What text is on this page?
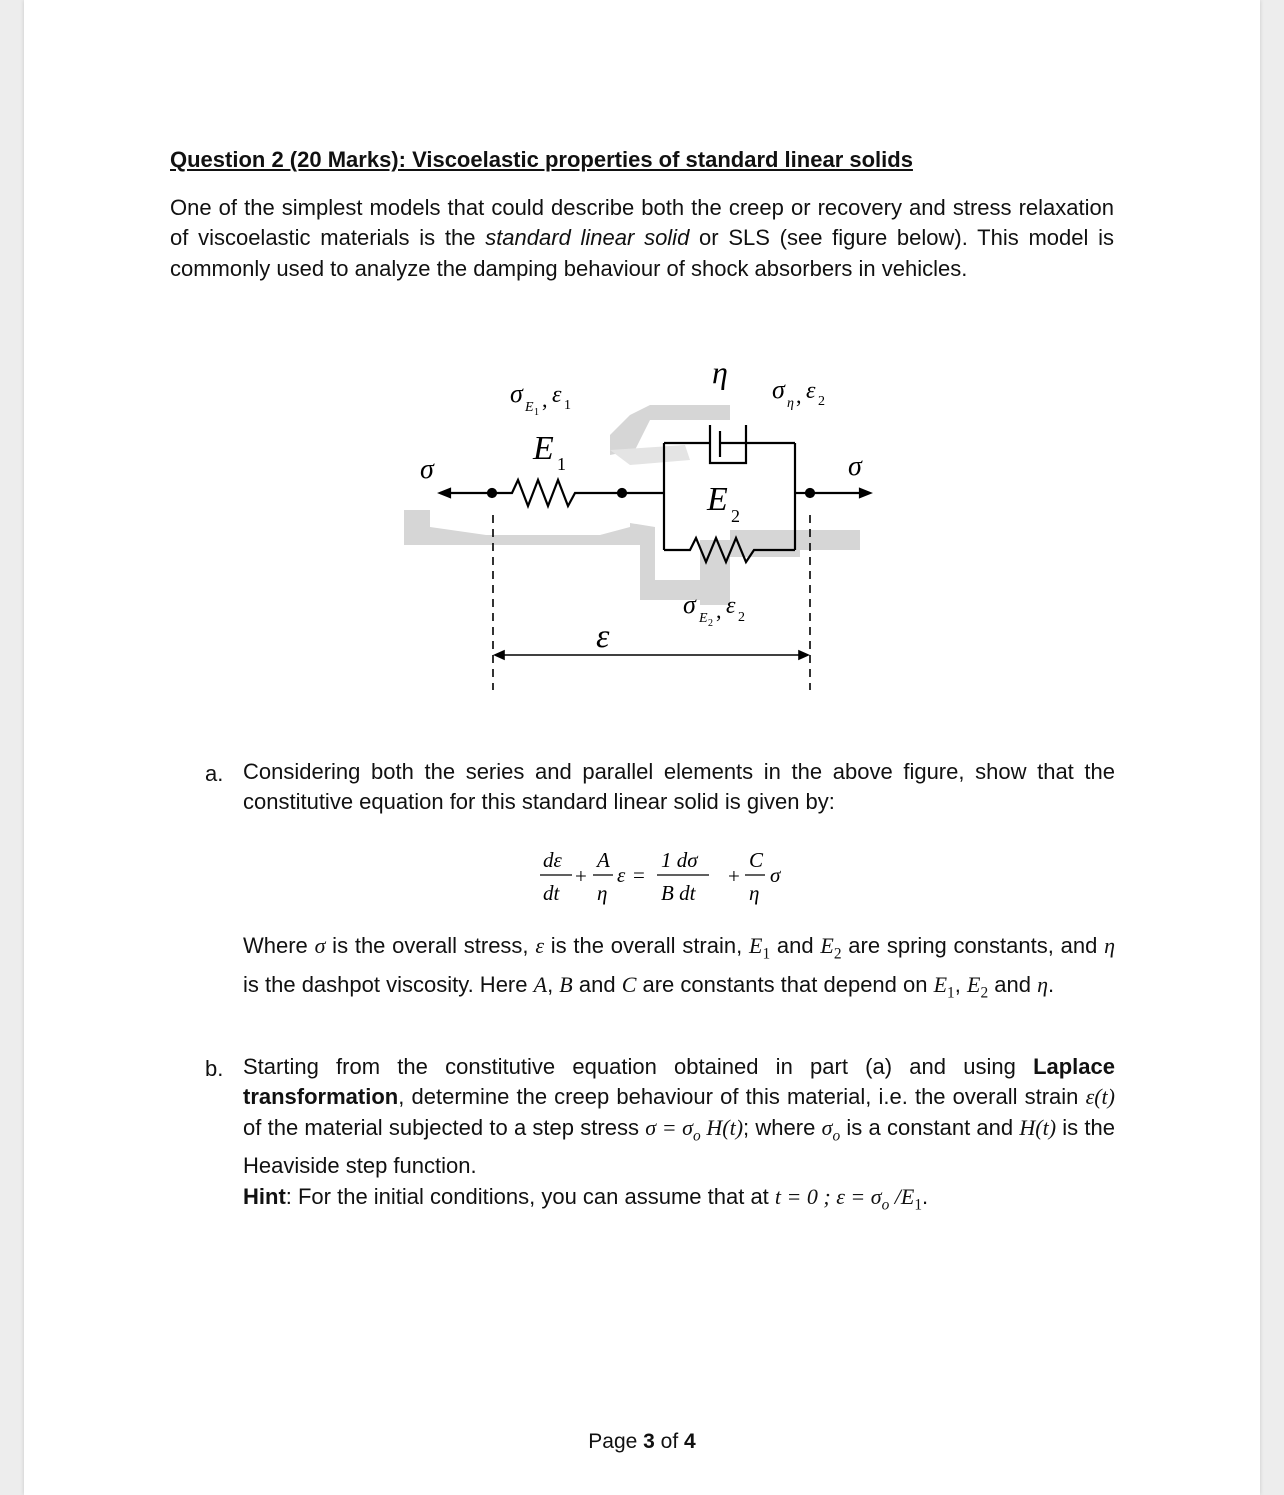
Question 2 (20 Marks): Viscoelastic properties of standard linear solids
One of the simplest models that could describe both the creep or recovery and stress relaxation of viscoelastic materials is the standard linear solid or SLS (see figure below). This model is commonly used to analyze the damping behaviour of shock absorbers in vehicles.
σ	σ
σ E 1
, ε 1
E 1
η σ η , ε 2
E 2
σ E 2
, ε 2
ε
a. Considering both the series and parallel elements in the above figure, show that the constitutive equation for this standard linear solid is given by:
dε
dt
+
A
η
ε =
1 dσ
B dt
+
C
η
σ
Where σ is the overall stress, ε is the overall strain, $E_1$ and $E_2$ are spring constants, and η is the dashpot viscosity. Here A, B and C are constants that depend on $E_1$, $E_2$ and η.
b. Starting from the constitutive equation obtained in part (a) and using Laplace transformation, determine the creep behaviour of this material, i.e. the overall strain ε(t) of the material subjected to a step stress $\sigma = \sigma_o$ H(t); where $\sigma_o$ is a constant and H(t) is the Heaviside step function.
Hint: For the initial conditions, you can assume that at t = 0 ; $\varepsilon = \sigma_o$ $/E_1$.
Page 3 of 4
